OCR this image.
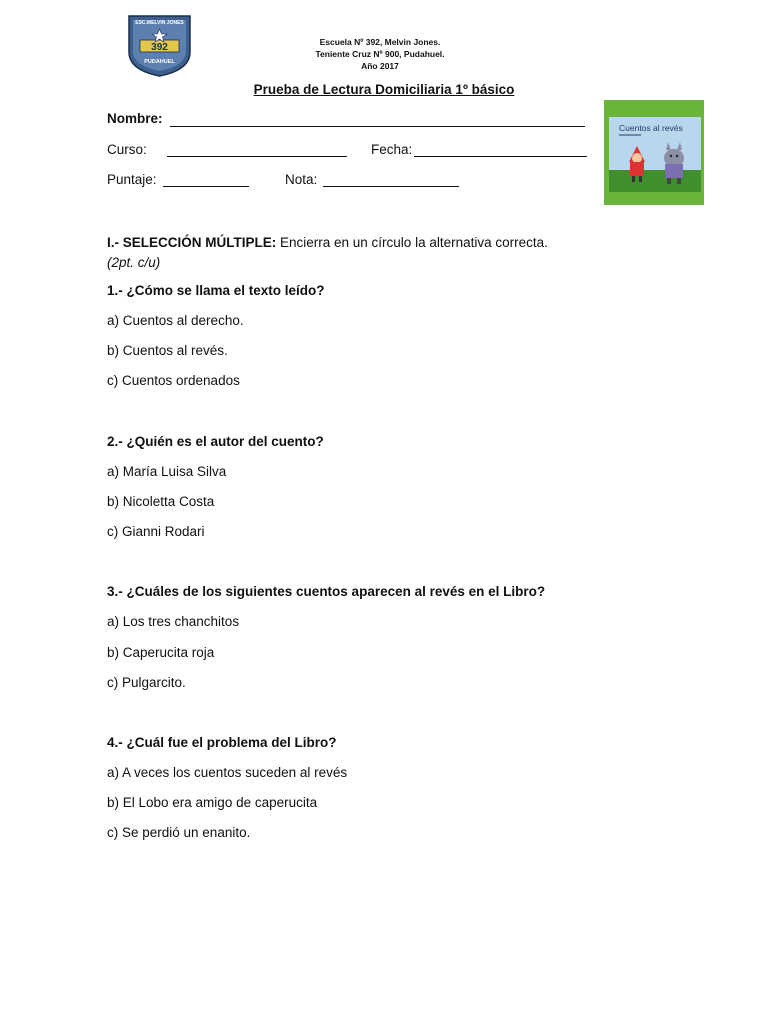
ESC.MELVIN JONES
392
PUDAHUEL
Escuela Nº 392, Melvin Jones.
Teniente Cruz Nº 900, Pudahuel.
Año 2017
Prueba de Lectura Domiciliaria 1º básico
Nombre:
Curso:	Fecha:
Puntaje:	Nota:
Cuentos al revés
I.- SELECCIÓN MÚLTIPLE: Encierra en un círculo la alternativa correcta.
(2pt. c/u)
1.- ¿Cómo se llama el texto leído?
a) Cuentos al derecho.
b) Cuentos al revés.
c) Cuentos ordenados
2.- ¿Quién es el autor del cuento?
a) María Luisa Silva
b) Nicoletta Costa
c) Gianni Rodari
3.- ¿Cuáles de los siguientes cuentos aparecen al revés en el Libro?
a) Los tres chanchitos
b) Caperucita roja
c) Pulgarcito.
4.- ¿Cuál fue el problema del Libro?
a) A veces los cuentos suceden al revés
b) El Lobo era amigo de caperucita
c) Se perdió un enanito.
